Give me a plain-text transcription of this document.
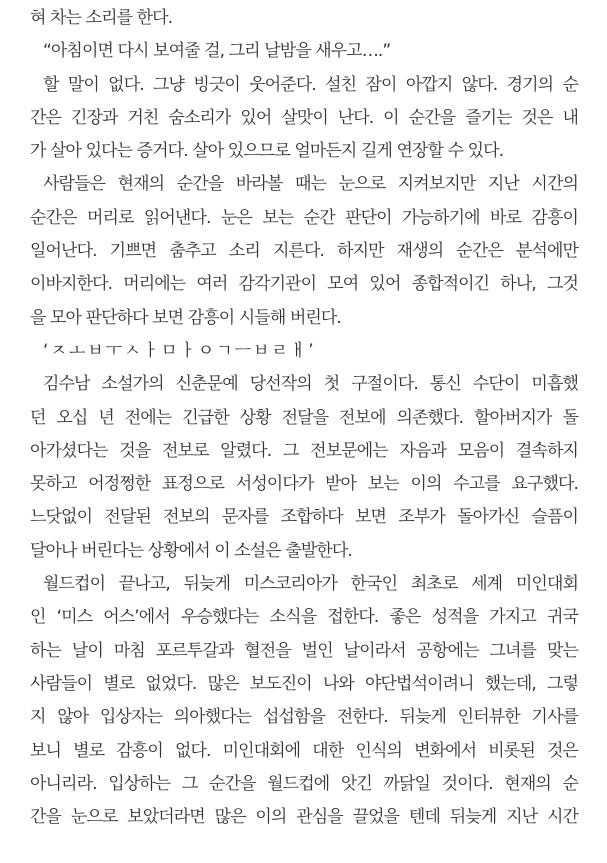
혀 차는 소리를 한다.
“아침이면 다시 보여줄 걸, 그리 날밤을 새우고….”
할 말이 없다. 그냥 빙긋이 웃어준다. 설친 잠이 아깝지 않다. 경기의 순
간은 긴장과 거친 숨소리가 있어 살맛이 난다. 이 순간을 즐기는 것은 내
가 살아 있다는 증거다. 살아 있으므로 얼마든지 길게 연장할 수 있다.
사람들은 현재의 순간을 바라볼 때는 눈으로 지켜보지만 지난 시간의
순간은 머리로 읽어낸다. 눈은 보는 순간 판단이 가능하기에 바로 감흥이
일어난다. 기쁘면 춤추고 소리 지른다. 하지만 재생의 순간은 분석에만
이바지한다. 머리에는 여러 감각기관이 모여 있어 종합적이긴 하나, 그것
을 모아 판단하다 보면 감흥이 시들해 버린다.
‘ㅈㅗㅂㅜㅅㅏㅁㅏㅇㄱㅡㅂㄹㅐ’
김수남 소설가의 신춘문예 당선작의 첫 구절이다. 통신 수단이 미흡했
던 오십 년 전에는 긴급한 상황 전달을 전보에 의존했다. 할아버지가 돌
아가셨다는 것을 전보로 알렸다. 그 전보문에는 자음과 모음이 결속하지
못하고 어정쩡한 표정으로 서성이다가 받아 보는 이의 수고를 요구했다.
느닷없이 전달된 전보의 문자를 조합하다 보면 조부가 돌아가신 슬픔이
달아나 버린다는 상황에서 이 소설은 출발한다.
월드컵이 끝나고, 뒤늦게 미스코리아가 한국인 최초로 세계 미인대회
인 ‘미스 어스’에서 우승했다는 소식을 접한다. 좋은 성적을 가지고 귀국
하는 날이 마침 포르투갈과 혈전을 벌인 날이라서 공항에는 그녀를 맞는
사람들이 별로 없었다. 많은 보도진이 나와 야단법석이려니 했는데, 그렇
지 않아 입상자는 의아했다는 섭섭함을 전한다. 뒤늦게 인터뷰한 기사를
보니 별로 감흥이 없다. 미인대회에 대한 인식의 변화에서 비롯된 것은
아니리라. 입상하는 그 순간을 월드컵에 앗긴 까닭일 것이다. 현재의 순
간을 눈으로 보았더라면 많은 이의 관심을 끌었을 텐데 뒤늦게 지난 시간
